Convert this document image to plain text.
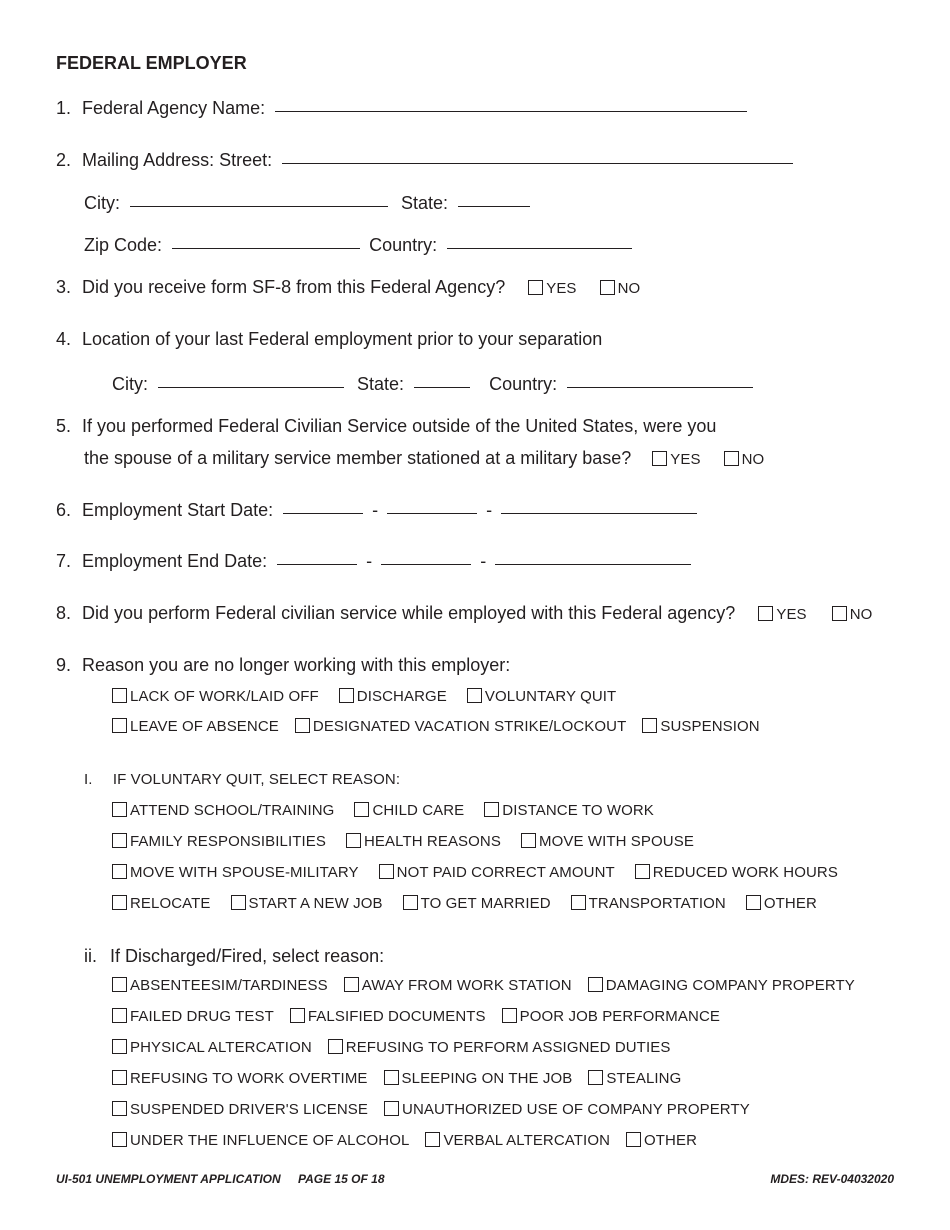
FEDERAL EMPLOYER
1. Federal Agency Name:
2. Mailing Address: Street:
City:	State:
Zip Code:	Country:
3. Did you receive form SF-8 from this Federal Agency?	YES	NO
4. Location of your last Federal employment prior to your separation
City:	State:	Country:
5. If you performed Federal Civilian Service outside of the United States, were you
the spouse of a military service member stationed at a military base?	YES	NO
6. Employment Start Date:	-	-
7. Employment End Date:	-	-
8. Did you perform Federal civilian service while employed with this Federal agency?	YES	NO
9. Reason you are no longer working with this employer:
LACK OF WORK/LAID OFF	DISCHARGE	VOLUNTARY QUIT
LEAVE OF ABSENCE DESIGNATED VACATION STRIKE/LOCKOUT SUSPENSION
I. IF VOLUNTARY QUIT, SELECT REASON:
ATTEND SCHOOL/TRAINING	CHILD CARE	DISTANCE TO WORK
FAMILY RESPONSIBILITIES	HEALTH REASONS	MOVE WITH SPOUSE
MOVE WITH SPOUSE-MILITARY	NOT PAID CORRECT AMOUNT	REDUCED WORK HOURS
RELOCATE	START A NEW JOB	TO GET MARRIED	TRANSPORTATION	OTHER
ii. If Discharged/Fired, select reason:
ABSENTEESIM/TARDINESS AWAY FROM WORK STATION DAMAGING COMPANY PROPERTY
FAILED DRUG TEST FALSIFIED DOCUMENTS POOR JOB PERFORMANCE
PHYSICAL ALTERCATION REFUSING TO PERFORM ASSIGNED DUTIES
REFUSING TO WORK OVERTIME SLEEPING ON THE JOB STEALING
SUSPENDED DRIVER'S LICENSE UNAUTHORIZED USE OF COMPANY PROPERTY
UNDER THE INFLUENCE OF ALCOHOL VERBAL ALTERCATION OTHER
UI-501 UNEMPLOYMENT APPLICATION PAGE 15 OF 18	MDES: REV-04032020
